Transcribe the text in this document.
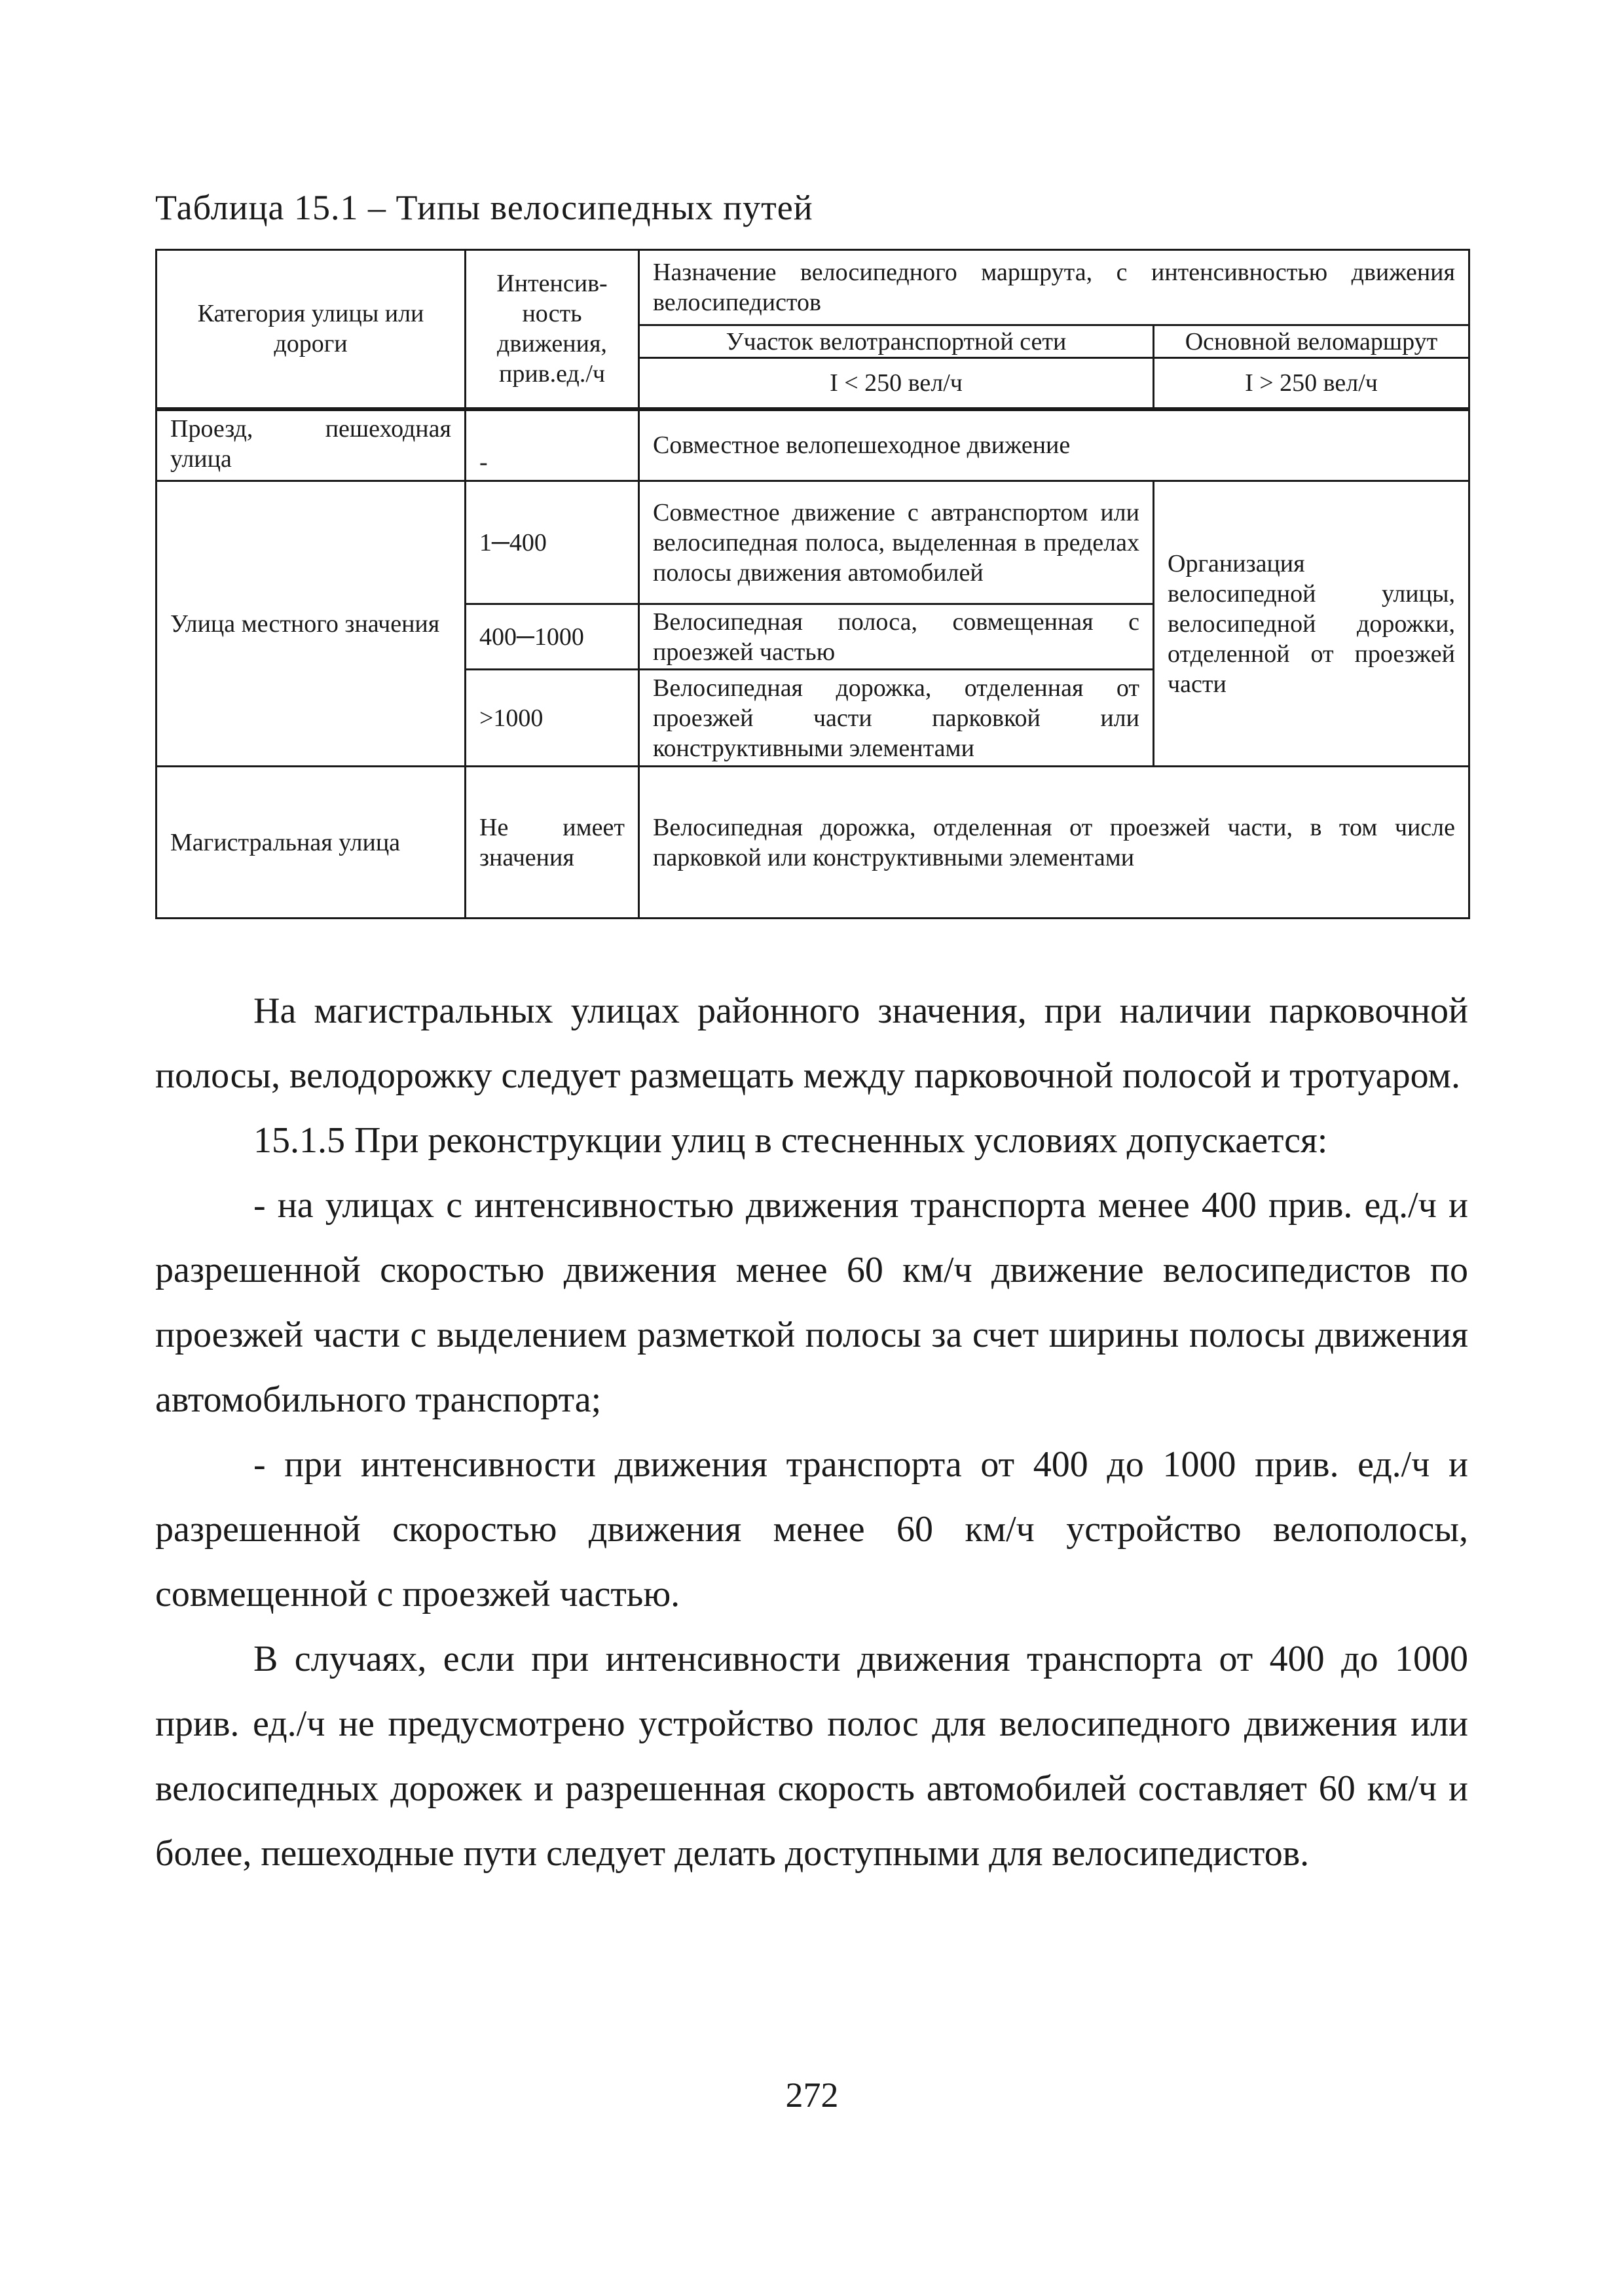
Таблица 15.1 – Типы велосипедных путей
Категория улицы или дороги	Интенсив-ность движения, прив.ед./ч	Назначение велосипедного маршрута, с интенсивностью движения велосипедистов	
		Участок велотранспортной сети	Основной веломаршрут
		I < 250 вел/ч	I > 250 вел/ч

Проезд, пешеходная улица	-	Совместное велопешеходное движение	
Улица местного значения	1─400	Совместное движение с автранспортом или велосипедная полоса, выделенная в пределах полосы движения автомобилей	Организация велосипедной улицы, велосипедной дорожки, отделенной от проезжей части
	400─1000	Велосипедная полоса, совмещенная с проезжей частью	
	>1000	Велосипедная дорожка, отделенная от проезжей части парковкой или конструктивными элементами	
Магистральная улица	Не имеет значения	Велосипедная дорожка, отделенная от проезжей части, в том числе парковкой или конструктивными элементами	

На магистральных улицах районного значения, при наличии парковочной полосы, велодорожку следует размещать между парковочной полосой и тротуаром.

15.1.5 При реконструкции улиц в стесненных условиях допускается:

- на улицах с интенсивностью движения транспорта менее 400 прив. ед./ч и разрешенной скоростью движения менее 60 км/ч движение велосипедистов по проезжей части с выделением разметкой полосы за счет ширины полосы движения автомобильного транспорта;

- при интенсивности движения транспорта от 400 до 1000 прив. ед./ч и разрешенной скоростью движения менее 60 км/ч устройство велополосы, совмещенной с проезжей частью.

В случаях, если при интенсивности движения транспорта от 400 до 1000 прив. ед./ч не предусмотрено устройство полос для велосипедного движения или велосипедных дорожек и разрешенная скорость автомобилей составляет 60 км/ч и более, пешеходные пути следует делать доступными для велосипедистов.

272
